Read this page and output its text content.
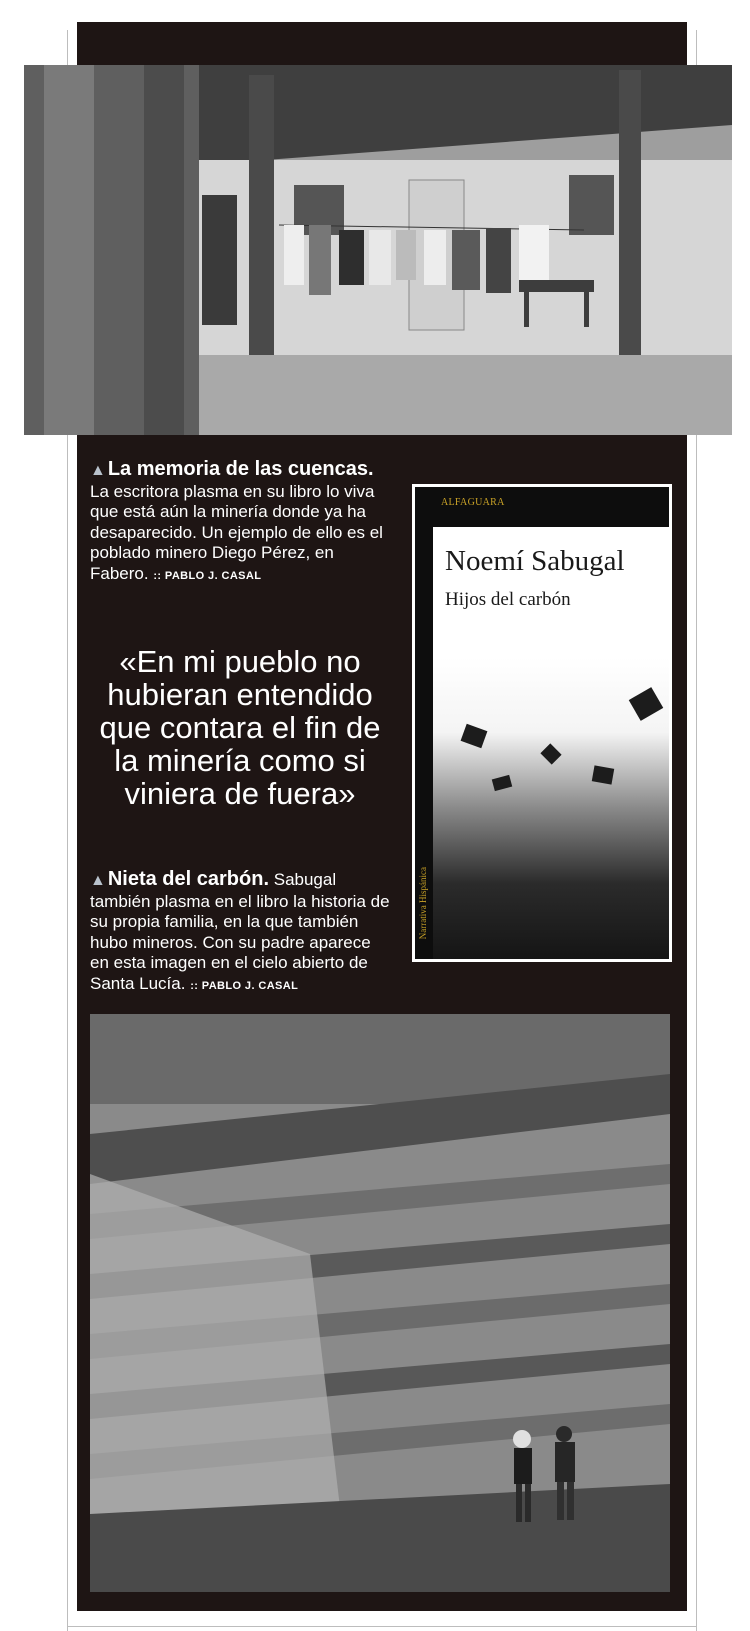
▲ La memoria de las cuencas. La escritora plasma en su libro lo viva que está aún la minería donde ya ha desaparecido. Un ejemplo de ello es el poblado minero Diego Pérez, en Fabero. :: PABLO J. CASAL
«En mi pueblo no hubieran entendido que contara el fin de la minería como si viniera de fuera»
▲ Nieta del carbón. Sabugal también plasma en el libro la historia de su propia familia, en la que también hubo mineros. Con su padre aparece en esta imagen en el cielo abierto de Santa Lucía. :: PABLO J. CASAL
ALFAGUARA
Noemí Sabugal
Hijos del carbón
Narrativa Hispánica
